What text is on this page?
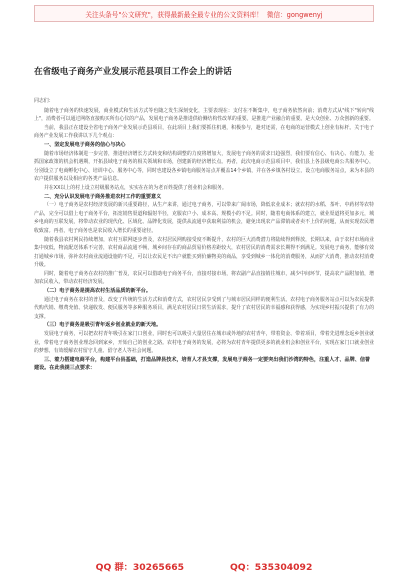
关注头条号"公文研究"，获得最新最全最专业的公文资料库！ 微信：gongwenyj
在省级电子商务产业发展示范县项目工作会上的讲话

同志们：

随着电子商务的快速发展，商业模式和生活方式等也随之发生深刻变化，主要表现在：支付在不断集中，电子商务依然向前；消费方式从"线下"转向"线上"，消费者可以通过网络直接购买所有心仪的产品，发展电子商务是推进供给侧结构性改革的重要。是推进产业融合的重要。是大众创业、万众创新的重要。

当前，我县正在建设全省电子商务产业发展示范县项目，在此项目上我们要抓住机遇，积极参与，趁对还需，在电商的运营模式上创业有标杆。关于电子商务产业发展工作我讲以下几个观点：

一、坚定发展电子商务的信心与决心

随着市场经济体制进一步完善，推进经济增长方式转变和结构调整的力度将增加大，发展电子商务的需求日趋强烈，我们要有信心、有决心、有能力，抢抓国家政策的机会机遇期，开拓县域电子商务的相关领域和市场，创建新的经济增长点。再者，此次电商示范县项目中，我们县上各县级电商公共服务中心，分别设立了电商孵化中心、培训中心、服务中心等，同时也建设各乡镇电商服务站点并覆盖14个乡镇，并在各乡镇各村设立，设立电商服务站点，来为本县的农户提供服务以及相应的各类产品信息。

并在XX以上的村上设立村级服务站点，实实在在的为老百姓提供了创业机会和服务。

二、充分认识发展电子商务推进农村工作的重要意义

（一）电子商务是农村经济发展的新兴重要路径，从生产来讲，通过电子商务，可以带来广阔市场，降低农业成本；就农村的水稻、茶叶、中药材等农特产品，完全可以借上电子商务平台，拓宽销售渠道和辐射半径，克服农户小、成本高、规模小的不足。同时，随着电商体系的建立，就业渠道将更加多元，城乡电商的互联发展，将带动农业的现代化、区域化、品牌化发展，提供从流通中获取利益的机会，避免出现农产品滞销或者卖不上价的问题，从而实现农民增收致富。再者，电子商务也是农民收入增长的重要途径。

随着我县农村网民持续增加，农村互联网逐步普及，农村居民网购接受度不断提升，农村的巨大消费潜力将陆续得到释放，长期以来，由于农村市场商业集中度低，物流配送体系不完善，农村商品流通不畅，城乡间存在的商品贸易价格差距较大，农村居民的消费需求长期得不到满足。发展电子商务，能够有效打通城乡市场，弥补农村商业流通设施的不足，可以让农民足不出户就能买到价廉物美的商品，享受到城乡一体化的消费服务，从而扩大消费，推动农村消费升级。

同时，随着电子商务在农村的推广普及，农民可以借助电子商务平台，直接对接市场，将农副产品直接销往城市，减少中间环节，提高农产品附加值，增加农民收入，带动农村经济发展。

（二）电子商务是提高农村生活品质的新平台。

通过电子商务在农村的普及，改变了传统的生活方式和消费方式，农村居民享受到了与城市居民同样的便利生活。农村电子商务服务站点可以为农民提供代购代销、缴费充值、快递收发、便民服务等多种服务项目，满足农村居民日常生活需求，提升了农村居民的幸福感和获得感，为实现乡村振兴提供了有力的支撑。

（三）电子商务是吸引青年返乡创业就业的新天地。

发展电子商务，可以把农村青年吸引在家门口创业，同时也可以吸引大量居住在城市或外地的农村青年，带着资金、带着项目，带着先进理念返乡创业就业，带着电子商务创业理念回到家乡，开始自己的创业之路。农村电子商务的发展，必将为农村青年提供更多的就业机会和创业平台，实现在家门口就业创业的梦想，有效缓解农村留守儿童、留守老人等社会问题。

三、着力搭建电商平台，构建平台县基础，打造品牌县技术，培育人才县支撑，发展电子商务一定要突出我们沙湾的特色，注重人才、品牌、信誉建设。在此我提三点要求：

QQ 群：30265665	QQ：535304092
